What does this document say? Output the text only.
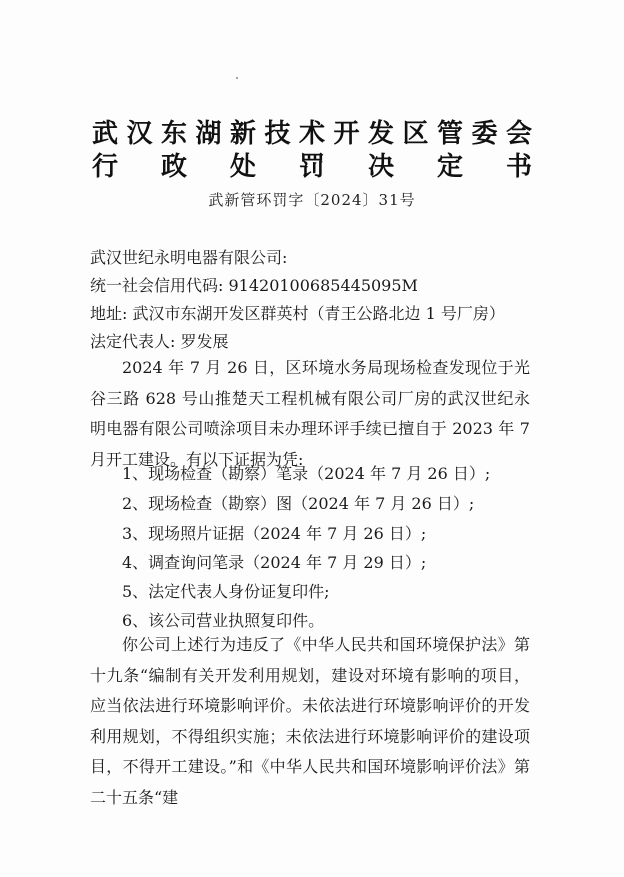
武汉东湖新技术开发区管委会
行政处罚决定书
武新管环罚字〔2024〕31号
武汉世纪永明电器有限公司:
统一社会信用代码: 91420100685445095M
地址: 武汉市东湖开发区群英村（青王公路北边 1 号厂房）
法定代表人: 罗发展
2024 年 7 月 26 日，区环境水务局现场检查发现位于光谷三路 628 号山推楚天工程机械有限公司厂房的武汉世纪永明电器有限公司喷涂项目未办理环评手续已擅自于 2023 年 7 月开工建设。有以下证据为凭:
1、现场检查（勘察）笔录（2024 年 7 月 26 日）;
2、现场检查（勘察）图（2024 年 7 月 26 日）;
3、现场照片证据（2024 年 7 月 26 日）;
4、调查询问笔录（2024 年 7 月 29 日）;
5、法定代表人身份证复印件;
6、该公司营业执照复印件。
你公司上述行为违反了《中华人民共和国环境保护法》第十九条“编制有关开发利用规划，建设对环境有影响的项目，应当依法进行环境影响评价。未依法进行环境影响评价的开发利用规划，不得组织实施；未依法进行环境影响评价的建设项目，不得开工建设。”和《中华人民共和国环境影响评价法》第二十五条“建
